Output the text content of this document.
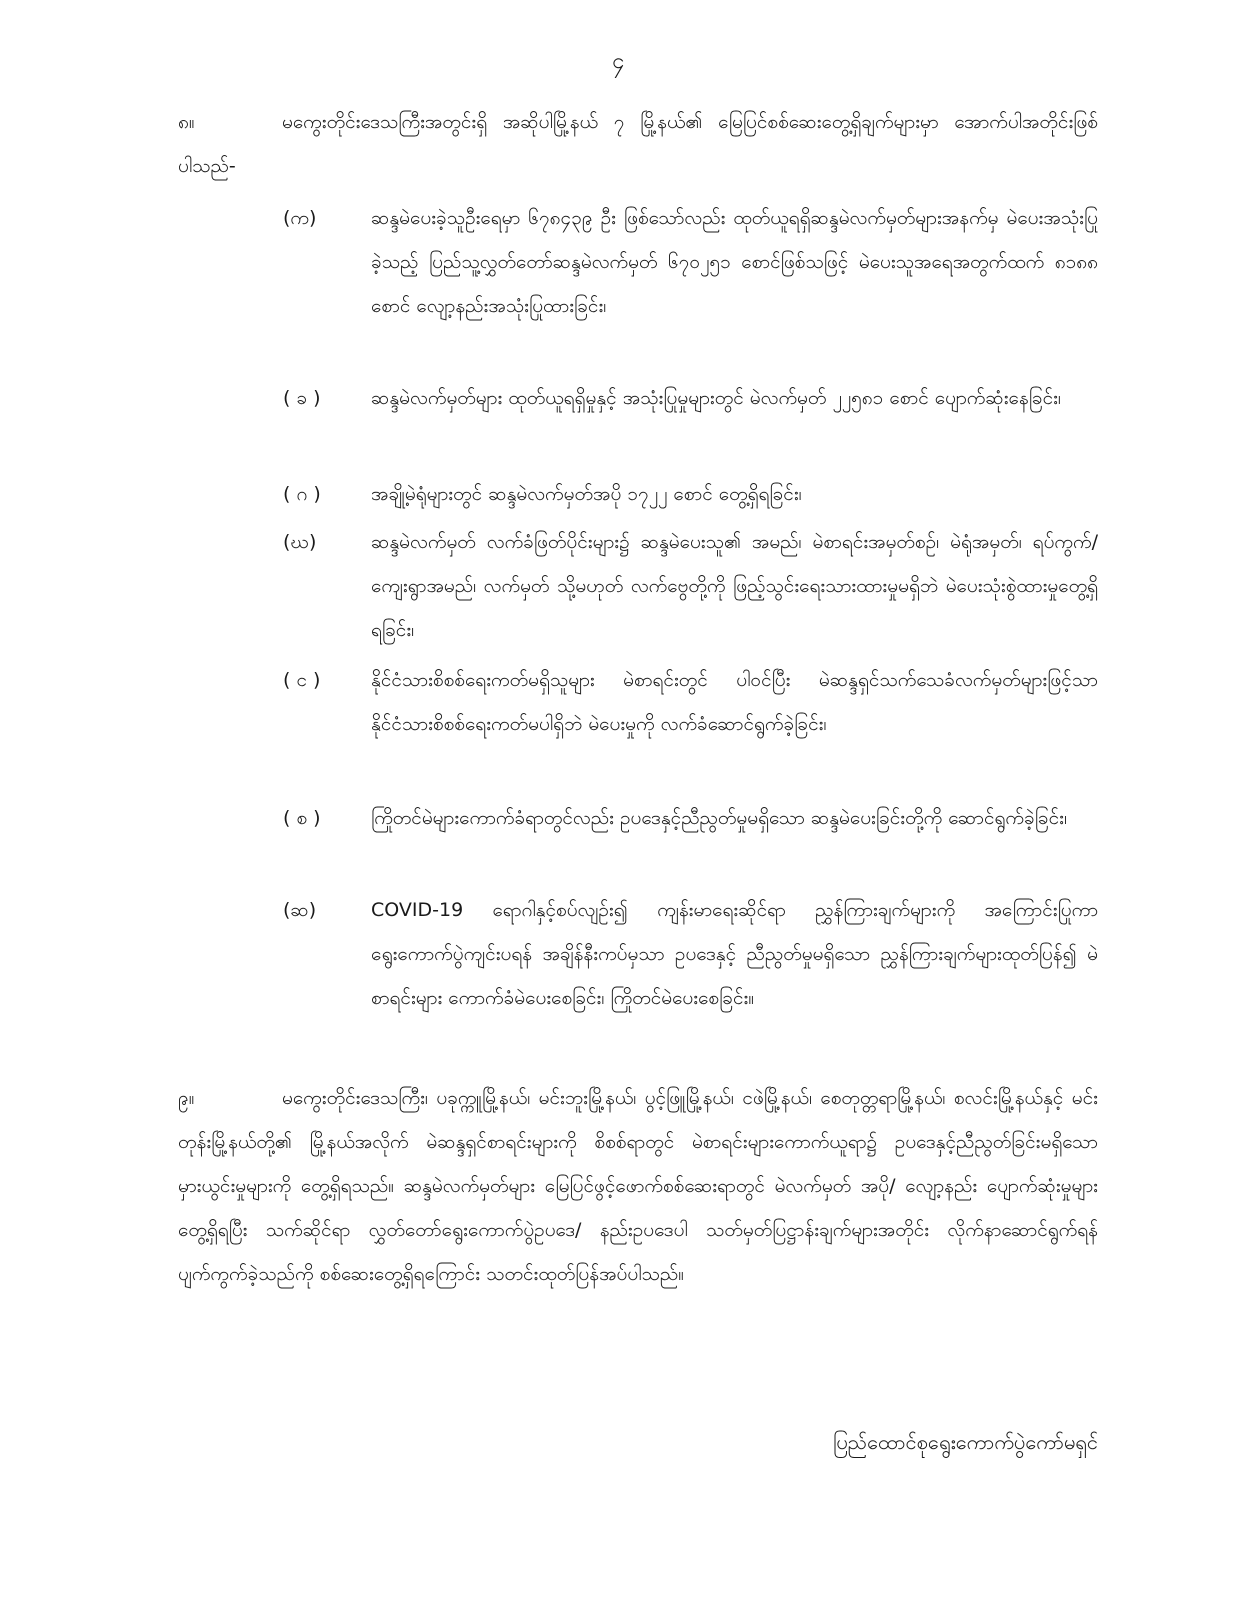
၄

၈။	မကွေးတိုင်းဒေသကြီးအတွင်းရှိ အဆိုပါမြို့နယ် ၇ မြို့နယ်၏ မြေပြင်စစ်ဆေးတွေ့ရှိချက်များမှာ အောက်ပါအတိုင်းဖြစ်ပါသည်-

(က)	ဆန္ဒမဲပေးခဲ့သူဦးရေမှာ ၆၇၈၄၃၉ ဦး ဖြစ်သော်လည်း ထုတ်ယူရရှိဆန္ဒမဲလက်မှတ်များအနက်မှ မဲပေးအသုံးပြုခဲ့သည့် ပြည်သူ့လွှတ်တော်ဆန္ဒမဲလက်မှတ် ၆၇၀၂၅၁ စောင်ဖြစ်သဖြင့် မဲပေးသူအရေအတွက်ထက် ၈၁၈၈ စောင် လျော့နည်းအသုံးပြုထားခြင်း၊
( ခ )	ဆန္ဒမဲလက်မှတ်များ ထုတ်ယူရရှိမှုနှင့် အသုံးပြုမှုများတွင် မဲလက်မှတ် ၂၂၅၈၁ စောင် ပျောက်ဆုံးနေခြင်း၊
( ဂ )	အချို့မဲရုံများတွင် ဆန္ဒမဲလက်မှတ်အပို ၁၇၂၂ စောင် တွေ့ရှိရခြင်း၊
(ဃ)	ဆန္ဒမဲလက်မှတ် လက်ခံဖြတ်ပိုင်းများ၌ ဆန္ဒမဲပေးသူ၏ အမည်၊ မဲစာရင်းအမှတ်စဉ်၊ မဲရုံအမှတ်၊ ရပ်ကွက်/ကျေးရွာအမည်၊ လက်မှတ် သို့မဟုတ် လက်ဗွေတို့ကို ဖြည့်သွင်းရေးသားထားမှုမရှိဘဲ မဲပေးသုံးစွဲထားမှုတွေ့ရှိရခြင်း၊
( င )	နိုင်ငံသားစိစစ်ရေးကတ်မရှိသူများ မဲစာရင်းတွင် ပါဝင်ပြီး မဲဆန္ဒရှင်သက်သေခံလက်မှတ်များဖြင့်သာ နိုင်ငံသားစိစစ်ရေးကတ်မပါရှိဘဲ မဲပေးမှုကို လက်ခံဆောင်ရွက်ခဲ့ခြင်း၊
( စ )	ကြိုတင်မဲများကောက်ခံရာတွင်လည်း ဥပဒေနှင့်ညီညွတ်မှုမရှိသော ဆန္ဒမဲပေးခြင်းတို့ကို ဆောင်ရွက်ခဲ့ခြင်း၊
(ဆ)	COVID-19 ရောဂါနှင့်စပ်လျဉ်း၍ ကျန်းမာရေးဆိုင်ရာ ညွှန်ကြားချက်များကို အကြောင်းပြုကာ ရွေးကောက်ပွဲကျင်းပရန် အချိန်နီးကပ်မှသာ ဥပဒေနှင့် ညီညွတ်မှုမရှိသော ညွှန်ကြားချက်များထုတ်ပြန်၍ မဲစာရင်းများ ကောက်ခံမဲပေးစေခြင်း၊ ကြိုတင်မဲပေးစေခြင်း။

၉။	မကွေးတိုင်းဒေသကြီး၊ ပခုက္ကူမြို့နယ်၊ မင်းဘူးမြို့နယ်၊ ပွင့်ဖြူမြို့နယ်၊ ငဖဲမြို့နယ်၊ စေတုတ္တရာမြို့နယ်၊ စလင်းမြို့နယ်နှင့် မင်းတုန်းမြို့နယ်တို့၏ မြို့နယ်အလိုက် မဲဆန္ဒရှင်စာရင်းများကို စိစစ်ရာတွင် မဲစာရင်းများကောက်ယူရာ၌ ဥပဒေနှင့်ညီညွတ်ခြင်းမရှိသော မှားယွင်းမှုများကို တွေ့ရှိရသည်။ ဆန္ဒမဲလက်မှတ်များ မြေပြင်ဖွင့်ဖောက်စစ်ဆေးရာတွင် မဲလက်မှတ် အပို/ လျော့နည်း ပျောက်ဆုံးမှုများ တွေ့ရှိရပြီး သက်ဆိုင်ရာ လွှတ်တော်ရွေးကောက်ပွဲဥပဒေ/ နည်းဥပဒေပါ သတ်မှတ်ပြဋ္ဌာန်းချက်များအတိုင်း လိုက်နာဆောင်ရွက်ရန် ပျက်ကွက်ခဲ့သည်ကို စစ်ဆေးတွေ့ရှိရကြောင်း သတင်းထုတ်ပြန်အပ်ပါသည်။

ပြည်ထောင်စုရွေးကောက်ပွဲကော်မရှင်
